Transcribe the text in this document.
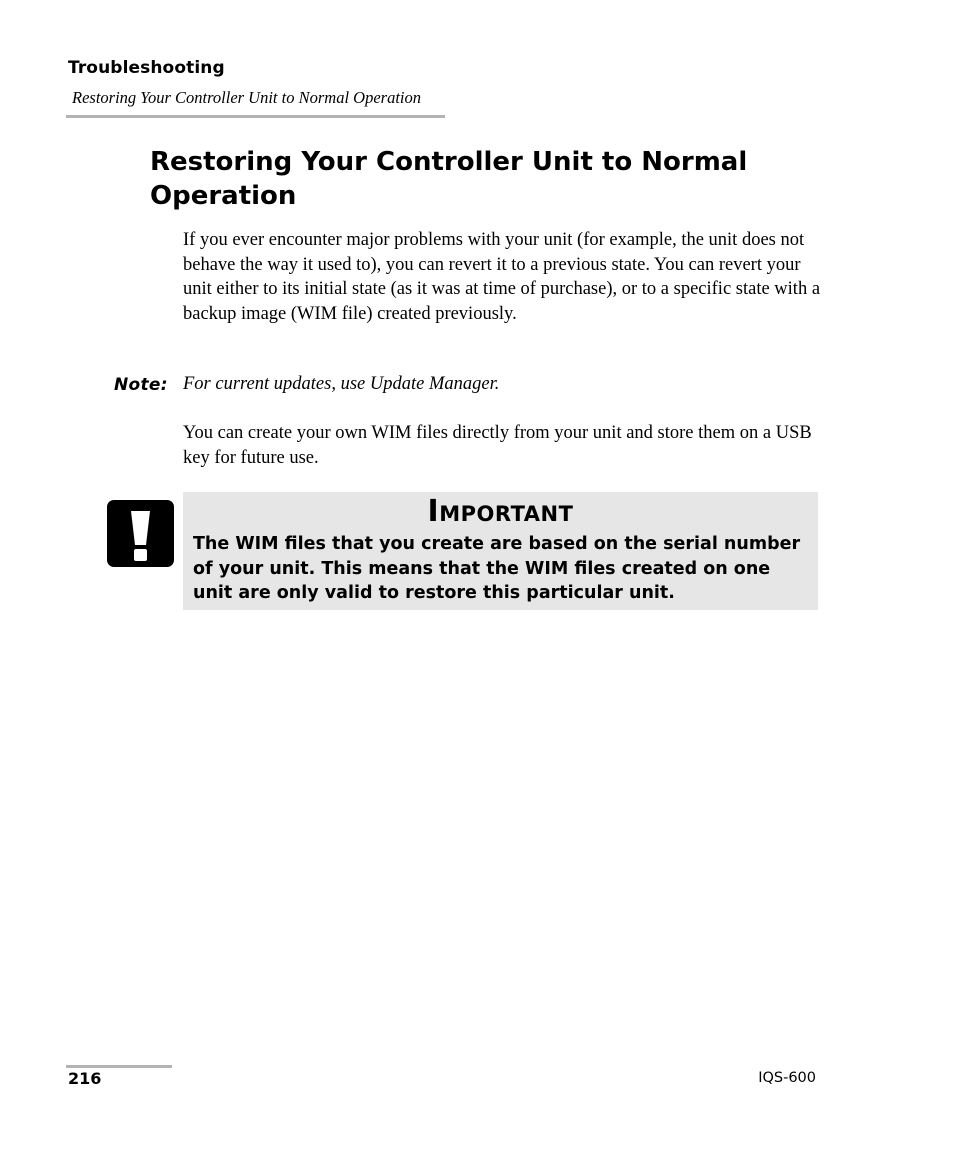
Troubleshooting
Restoring Your Controller Unit to Normal Operation
Restoring Your Controller Unit to Normal Operation

If you ever encounter major problems with your unit (for example, the unit does not behave the way it used to), you can revert it to a previous state. You can revert your unit either to its initial state (as it was at time of purchase), or to a specific state with a backup image (WIM file) created previously.

Note: For current updates, use Update Manager.

You can create your own WIM files directly from your unit and store them on a USB key for future use.

Important

The WIM files that you create are based on the serial number of your unit. This means that the WIM files created on one unit are only valid to restore this particular unit.

216	IQS-600
